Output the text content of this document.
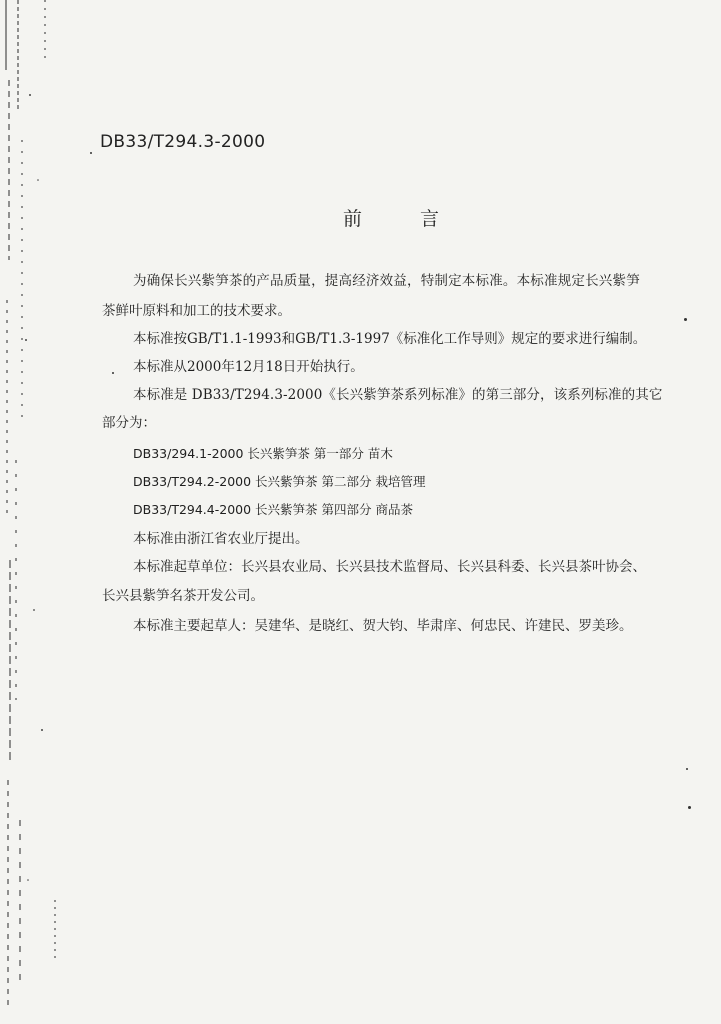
DB33/T294.3-2000
前言
为确保长兴紫笋茶的产品质量，提高经济效益，特制定本标准。本标准规定长兴紫笋
茶鲜叶原料和加工的技术要求。
本标准按GB/T1.1-1993和GB/T1.3-1997《标准化工作导则》规定的要求进行编制。
本标准从2000年12月18日开始执行。
本标准是 DB33/T294.3-2000《长兴紫笋茶系列标准》的第三部分，该系列标准的其它
部分为：
DB33/294.1-2000 长兴紫笋茶 第一部分 苗木
DB33/T294.2-2000 长兴紫笋茶 第二部分 栽培管理
DB33/T294.4-2000 长兴紫笋茶 第四部分 商品茶
本标准由浙江省农业厅提出。
本标准起草单位：长兴县农业局、长兴县技术监督局、长兴县科委、长兴县茶叶协会、
长兴县紫笋名茶开发公司。
本标准主要起草人：吴建华、是晓红、贺大钧、毕肃庠、何忠民、许建民、罗美珍。
